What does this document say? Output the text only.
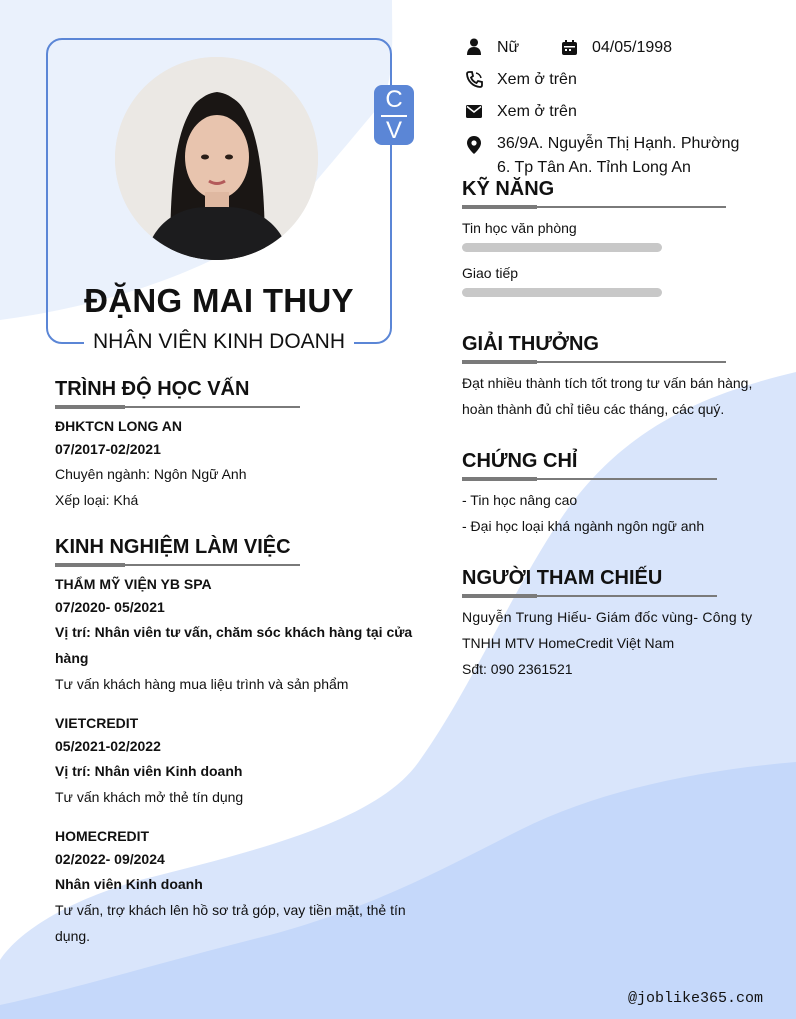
C
V
ĐẶNG MAI THUY
NHÂN VIÊN KINH DOANH
Nữ	04/05/1998
Xem ở trên
Xem ở trên
36/9A. Nguyễn Thị Hạnh. Phường
6. Tp Tân An. Tỉnh Long An
TRÌNH ĐỘ HỌC VẤN
ĐHKTCN LONG AN
07/2017-02/2021
Chuyên ngành: Ngôn Ngữ Anh
Xếp loại: Khá
KINH NGHIỆM LÀM VIỆC
THẨM MỸ VIỆN YB SPA
07/2020- 05/2021
Vị trí: Nhân viên tư vấn, chăm sóc khách hàng tại cửa
hàng
Tư vấn khách hàng mua liệu trình và sản phẩm
VIETCREDIT
05/2021-02/2022
Vị trí: Nhân viên Kinh doanh
Tư vấn khách mở thẻ tín dụng
HOMECREDIT
02/2022- 09/2024
Nhân viên Kinh doanh
Tư vấn, trợ khách lên hồ sơ trả góp, vay tiền mặt, thẻ tín
dụng.
KỸ NĂNG
Tin học văn phòng
Giao tiếp
GIẢI THƯỞNG
Đạt nhiều thành tích tốt trong tư vấn bán hàng,
hoàn thành đủ chỉ tiêu các tháng, các quý.
CHỨNG CHỈ
- Tin học nâng cao
- Đại học loại khá ngành ngôn ngữ anh
NGƯỜI THAM CHIẾU
Nguyễn Trung Hiếu- Giám đốc vùng- Công ty
TNHH MTV HomeCredit Việt Nam
Sđt: 090 2361521
@joblike365.com
